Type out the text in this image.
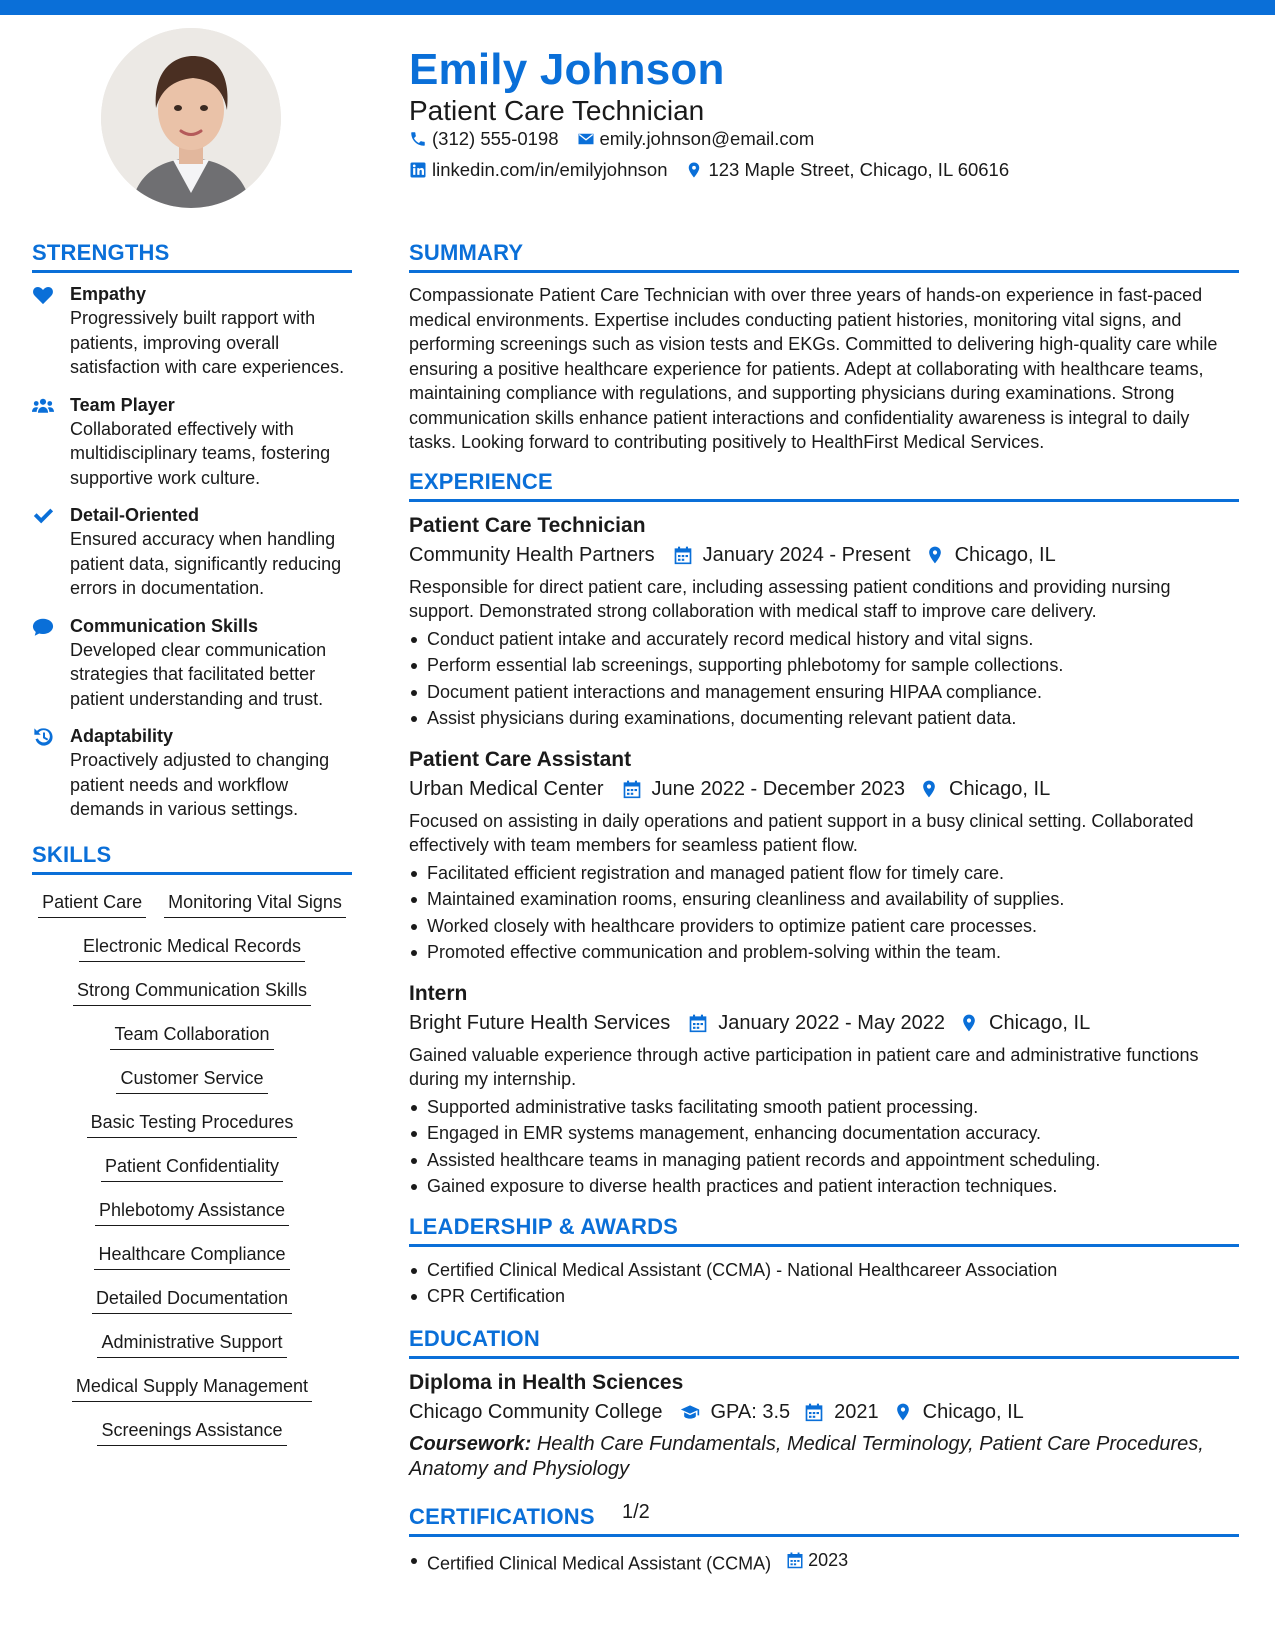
Emily Johnson
Patient Care Technician
(312) 555-0198 emily.johnson@email.com
linkedin.com/in/emilyjohnson 123 Maple Street, Chicago, IL 60616
STRENGTHS
Empathy
Progressively built rapport with patients, improving overall satisfaction with care experiences.
Team Player
Collaborated effectively with multidisciplinary teams, fostering supportive work culture.
Detail-Oriented
Ensured accuracy when handling patient data, significantly reducing errors in documentation.
Communication Skills
Developed clear communication strategies that facilitated better patient understanding and trust.
Adaptability
Proactively adjusted to changing patient needs and workflow demands in various settings.
SKILLS
Patient Care Monitoring Vital Signs
Electronic Medical Records
Strong Communication Skills
Team Collaboration
Customer Service
Basic Testing Procedures
Patient Confidentiality
Phlebotomy Assistance
Healthcare Compliance
Detailed Documentation
Administrative Support
Medical Supply Management
Screenings Assistance
SUMMARY

Compassionate Patient Care Technician with over three years of hands-on experience in fast-paced medical environments. Expertise includes conducting patient histories, monitoring vital signs, and performing screenings such as vision tests and EKGs. Committed to delivering high-quality care while ensuring a positive healthcare experience for patients. Adept at collaborating with healthcare teams, maintaining compliance with regulations, and supporting physicians during examinations. Strong communication skills enhance patient interactions and confidentiality awareness is integral to daily tasks. Looking forward to contributing positively to HealthFirst Medical Services.

EXPERIENCE
Patient Care Technician
Community Health Partners January 2024 - Present Chicago, IL

Responsible for direct patient care, including assessing patient conditions and providing nursing support. Demonstrated strong collaboration with medical staff to improve care delivery.

Conduct patient intake and accurately record medical history and vital signs.
Perform essential lab screenings, supporting phlebotomy for sample collections.
Document patient interactions and management ensuring HIPAA compliance.
Assist physicians during examinations, documenting relevant patient data.
Patient Care Assistant
Urban Medical Center June 2022 - December 2023 Chicago, IL

Focused on assisting in daily operations and patient support in a busy clinical setting. Collaborated effectively with team members for seamless patient flow.

Facilitated efficient registration and managed patient flow for timely care.
Maintained examination rooms, ensuring cleanliness and availability of supplies.
Worked closely with healthcare providers to optimize patient care processes.
Promoted effective communication and problem-solving within the team.
Intern
Bright Future Health Services January 2022 - May 2022 Chicago, IL

Gained valuable experience through active participation in patient care and administrative functions during my internship.

Supported administrative tasks facilitating smooth patient processing.
Engaged in EMR systems management, enhancing documentation accuracy.
Assisted healthcare teams in managing patient records and appointment scheduling.
Gained exposure to diverse health practices and patient interaction techniques.
LEADERSHIP & AWARDS
Certified Clinical Medical Assistant (CCMA) - National Healthcareer Association
CPR Certification
EDUCATION
Diploma in Health Sciences
Chicago Community College GPA: 3.5 2021 Chicago, IL
Coursework: Health Care Fundamentals, Medical Terminology, Patient Care Procedures, Anatomy and Physiology
CERTIFICATIONS
Certified Clinical Medical Assistant (CCMA) 2023
1/2
